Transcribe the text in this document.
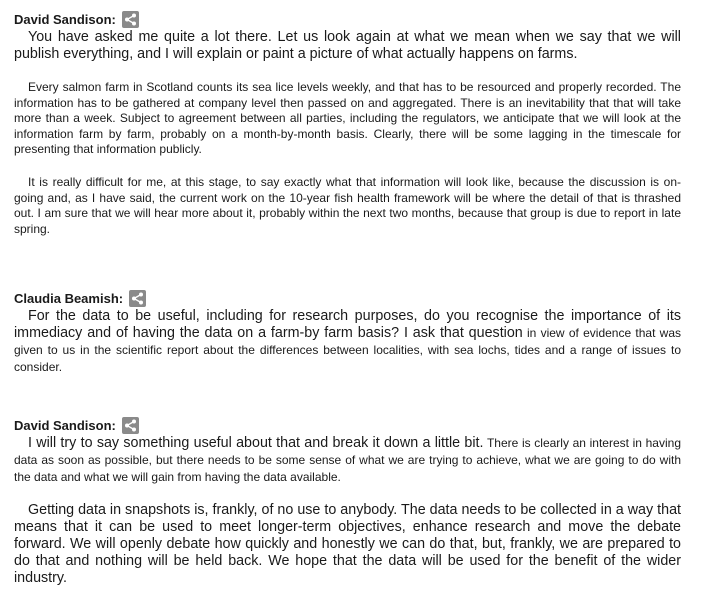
David Sandison:

You have asked me quite a lot there. Let us look again at what we mean when we say that we will publish everything, and I will explain or paint a picture of what actually happens on farms.

Every salmon farm in Scotland counts its sea lice levels weekly, and that has to be resourced and properly recorded. The information has to be gathered at company level then passed on and aggregated. There is an inevitability that that will take more than a week. Subject to agreement between all parties, including the regulators, we anticipate that we will look at the information farm by farm, probably on a month-by-month basis. Clearly, there will be some lagging in the timescale for presenting that information publicly.

It is really difficult for me, at this stage, to say exactly what that information will look like, because the discussion is on-going and, as I have said, the current work on the 10-year fish health framework will be where the detail of that is thrashed out. I am sure that we will hear more about it, probably within the next two months, because that group is due to report in late spring.

Claudia Beamish:

For the data to be useful, including for research purposes, do you recognise the importance of its immediacy and of having the data on a farm-by farm basis? I ask that question in view of evidence that was given to us in the scientific report about the differences between localities, with sea lochs, tides and a range of issues to consider.

David Sandison:

I will try to say something useful about that and break it down a little bit. There is clearly an interest in having data as soon as possible, but there needs to be some sense of what we are trying to achieve, what we are going to do with the data and what we will gain from having the data available.

Getting data in snapshots is, frankly, of no use to anybody. The data needs to be collected in a way that means that it can be used to meet longer-term objectives, enhance research and move the debate forward. We will openly debate how quickly and honestly we can do that, but, frankly, we are prepared to do that and nothing will be held back. We hope that the data will be used for the benefit of the wider industry.
